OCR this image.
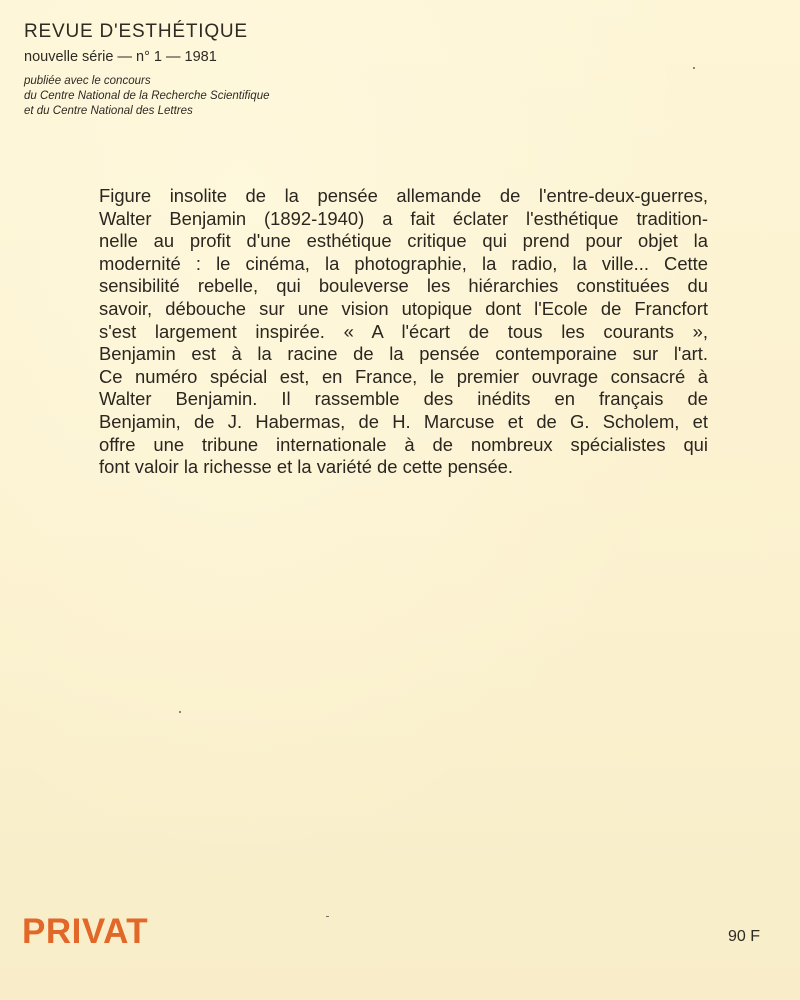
REVUE D'ESTHÉTIQUE
nouvelle série — n° 1 — 1981
publiée avec le concours
du Centre National de la Recherche Scientifique
et du Centre National des Lettres
Figure insolite de la pensée allemande de l'entre-deux-guerres,
Walter Benjamin (1892-1940) a fait éclater l'esthétique tradition-
nelle au profit d'une esthétique critique qui prend pour objet la
modernité : le cinéma, la photographie, la radio, la ville... Cette
sensibilité rebelle, qui bouleverse les hiérarchies constituées du
savoir, débouche sur une vision utopique dont l'Ecole de Francfort
s'est largement inspirée. « A l'écart de tous les courants »,
Benjamin est à la racine de la pensée contemporaine sur l'art.
Ce numéro spécial est, en France, le premier ouvrage consacré à
Walter Benjamin. Il rassemble des inédits en français de
Benjamin, de J. Habermas, de H. Marcuse et de G. Scholem, et
offre une tribune internationale à de nombreux spécialistes qui
font valoir la richesse et la variété de cette pensée.
PRIVAT	90 F
